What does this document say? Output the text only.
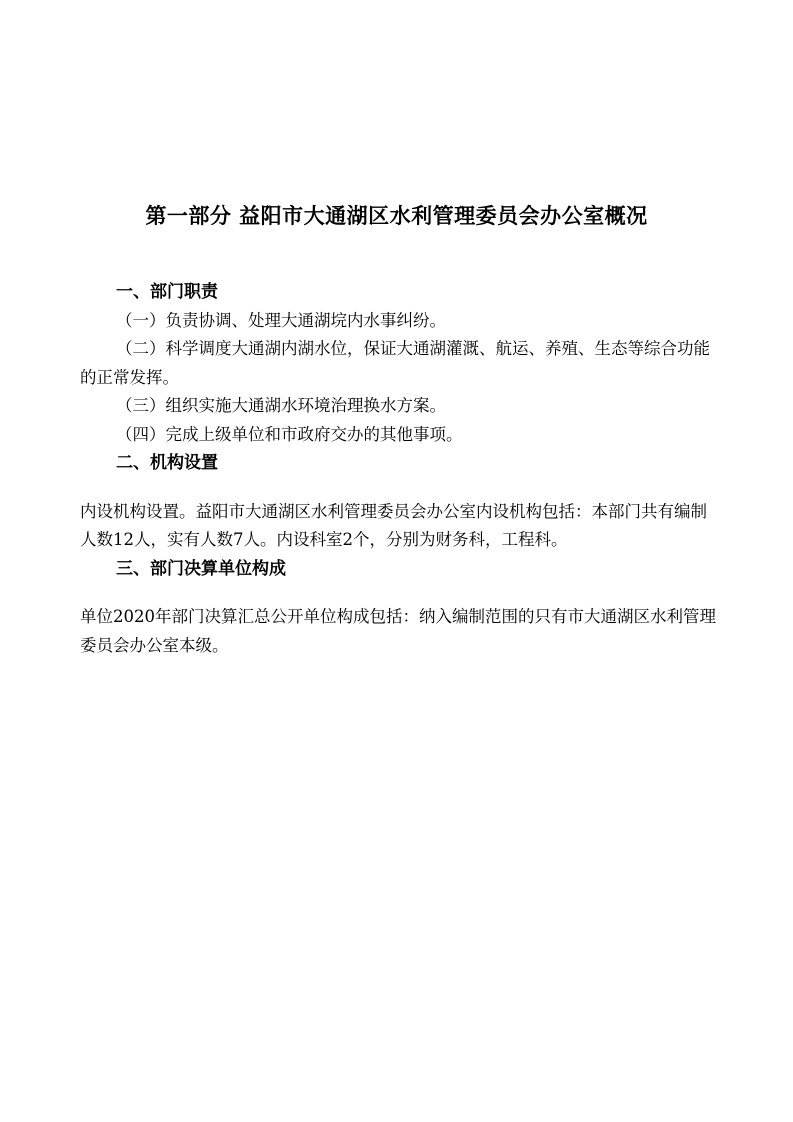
第一部分 益阳市大通湖区水利管理委员会办公室概况

一、部门职责

（一）负责协调、处理大通湖垸内水事纠纷。

（二）科学调度大通湖内湖水位，保证大通湖灌溉、航运、养殖、生态等综合功能的正常发挥。

（三）组织实施大通湖水环境治理换水方案。

（四）完成上级单位和市政府交办的其他事项。

二、机构设置

内设机构设置。益阳市大通湖区水利管理委员会办公室内设机构包括：本部门共有编制人数12人，实有人数7人。内设科室2个，分别为财务科，工程科。

三、部门决算单位构成

单位2020年部门决算汇总公开单位构成包括：纳入编制范围的只有市大通湖区水利管理委员会办公室本级。
